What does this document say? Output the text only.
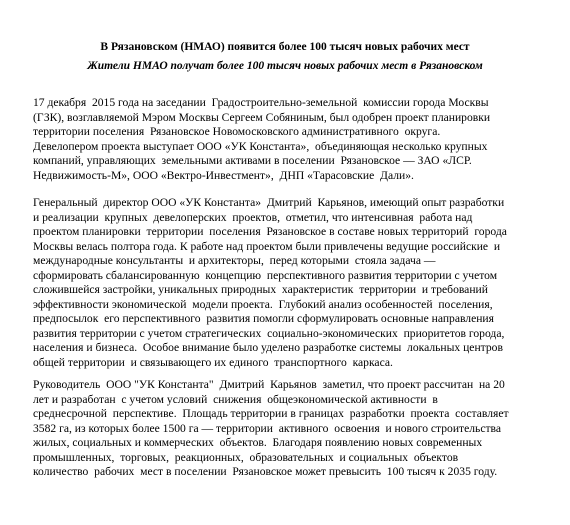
В Рязановском (НМАО) появится более 100 тысяч новых рабочих мест
Жители НМАО получат более 100 тысяч новых рабочих мест в Рязановском
17 декабря  2015 года на заседании  Градостроительно-земельной  комиссии города Москвы
(ГЗК), возглавляемой Мэром Москвы Сергеем Собяниным, был одобрен проект планировки
территории поселения  Рязановское Новомосковского административного  округа.
Девелопером проекта выступает ООО «УК Константа»,  объединяющая несколько крупных
компаний, управляющих  земельными активами в поселении  Рязановское — ЗАО «ЛСР.
Недвижимость-М», ООО «Вектро-Инвестмент»,  ДНП «Тарасовские  Дали».
Генеральный  директор ООО «УК Константа»  Дмитрий  Карьянов, имеющий опыт разработки
и реализации  крупных  девелоперских  проектов,  отметил, что интенсивная  работа над
проектом планировки  территории  поселения  Рязановское в составе новых территорий  города
Москвы велась полтора года. К работе над проектом были привлечены ведущие российские  и
международные консультанты  и архитекторы,  перед которыми  стояла задача —
сформировать сбалансированную  концепцию  перспективного развития территории с учетом
сложившейся застройки, уникальных природных  характеристик  территории  и требований
эффективности экономической  модели проекта.  Глубокий анализ особенностей  поселения,
предпосылок  его перспективного  развития помогли сформулировать основные направления
развития территории с учетом стратегических  социально-экономических  приоритетов города,
населения и бизнеса.  Особое внимание было уделено разработке системы  локальных центров
общей территории  и связывающего их единого  транспортного  каркаса.
Руководитель  ООО "УК Константа"  Дмитрий  Карьянов  заметил, что проект рассчитан  на 20
лет и разработан  с учетом условий  снижения  общеэкономической активности  в
среднесрочной  перспективе.  Площадь территории в границах  разработки  проекта  составляет
3582 га, из которых более 1500 га — территории  активного  освоения  и нового строительства
жилых, социальных и коммерческих  объектов.  Благодаря появлению новых современных
промышленных,  торговых,  реакционных,  образовательных  и социальных  объектов
количество  рабочих  мест в поселении  Рязановское может превысить  100 тысяч к 2035 году.
